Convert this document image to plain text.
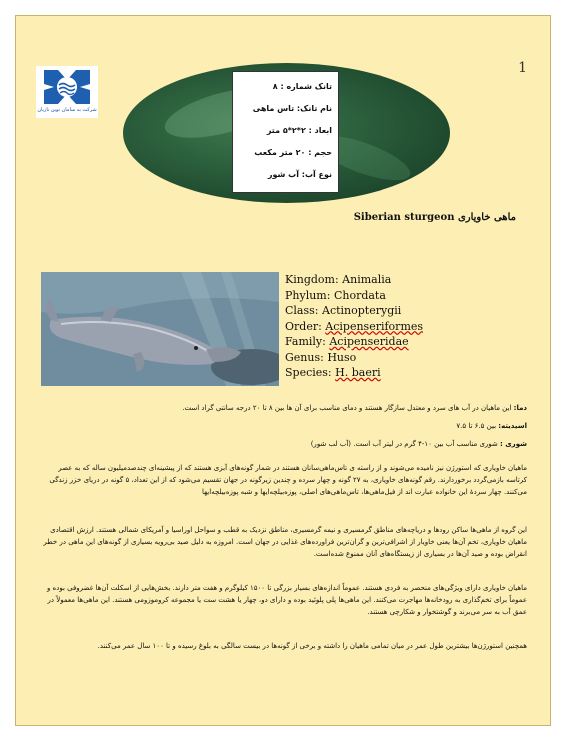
1
شرکت به سامان نوین نازیان
تانک شماره : ۸
نام تانک: تاس ماهی
ابعاد : ۲*۲*۵ متر
حجم : ۲۰ متر مکعب
نوع آب: آب شور
ماهی خاویاری Siberian sturgeon
Kingdom: Animalia
Phylum: Chordata
Class: Actinopterygii
Order: Acipenseriformes
Family: Acipenseridae
Genus: Huso
Species: H. baeri
دما: این ماهیان در آب های سرد و معتدل سازگار هستند و دمای مناسب برای آن ها بین ۸ تا ۲۰ درجه سانتی گراد است.
اسیدیته: بین ۶.۵ تا ۷.۵
شوری : شوری مناسب آب بین ۱۰-۴ گرم در لیتر آب است. (آب لب شور)
ماهیان خاویاری که استورژن نیز نامیده می‌شوند و از راسته ی تاس‌ماهی‌سانان هستند در شمار گونه‌های آبزی هستند که از پیشینه‌ای چندصدمیلیون ساله که به عصر کرتاسه بازمی‌گردد برخوردارند. رقم گونه‌های خاویاری، به ۲۷ گونه و چهار سرده و چندین زیرگونه در جهان تقسیم می‌شود که از این تعداد، ۵ گونه در دریای خزر زندگی می‌کنند. چهار سردهٔ این خانواده عبارت اند از فیل‌ماهی‌ها، تاس‌ماهی‌های اصلی، پوزه‌بیلچه‌ایها و شبه پوزه‌بیلچه‌ایها
این گروه از ماهی‌ها ساکن رودها و دریاچه‌های مناطق گرمسیری و نیمه گرمسیری، مناطق نزدیک به قطب و سواحل اوراسیا و آمریکای شمالی هستند. ارزش اقتصادی ماهیان خاویاری، تخم آن‌ها یعنی خاویار از اشرافی‌ترین و گران‌ترین فراورده‌های غذایی در جهان است. امروزه به دلیل صید بی‌رویه بسیاری از گونه‌های این ماهی در خطر انقراض بوده و صید آن‌ها در بسیاری از زیستگاه‌های آنان ممنوع شده‌است.
ماهیان خاویاری دارای ویژگی‌های منحصر به فردی هستند. عموماً اندازه‌های بسیار بزرگی تا ۱۵۰۰ کیلوگرم و هفت متر دارند. بخش‌هایی از اسکلت آن‌ها غضروفی بوده و عموماً برای تخم‌گذاری به رودخانه‌ها مهاجرت می‌کنند. این ماهی‌ها پلی پلوئید بوده و دارای دو، چهار یا هشت ست یا مجموعه کروموزومی هستند. این ماهی‌ها معمولاً در عمق آب به سر می‌برند و گوشتخوار و شکارچی هستند.
همچنین استورژن‌ها بیشترین طول عمر در میان تمامی ماهیان را داشته و برخی از گونه‌ها در بیست سالگی به بلوغ رسیده و تا ۱۰۰ سال عمر می‌کنند.
